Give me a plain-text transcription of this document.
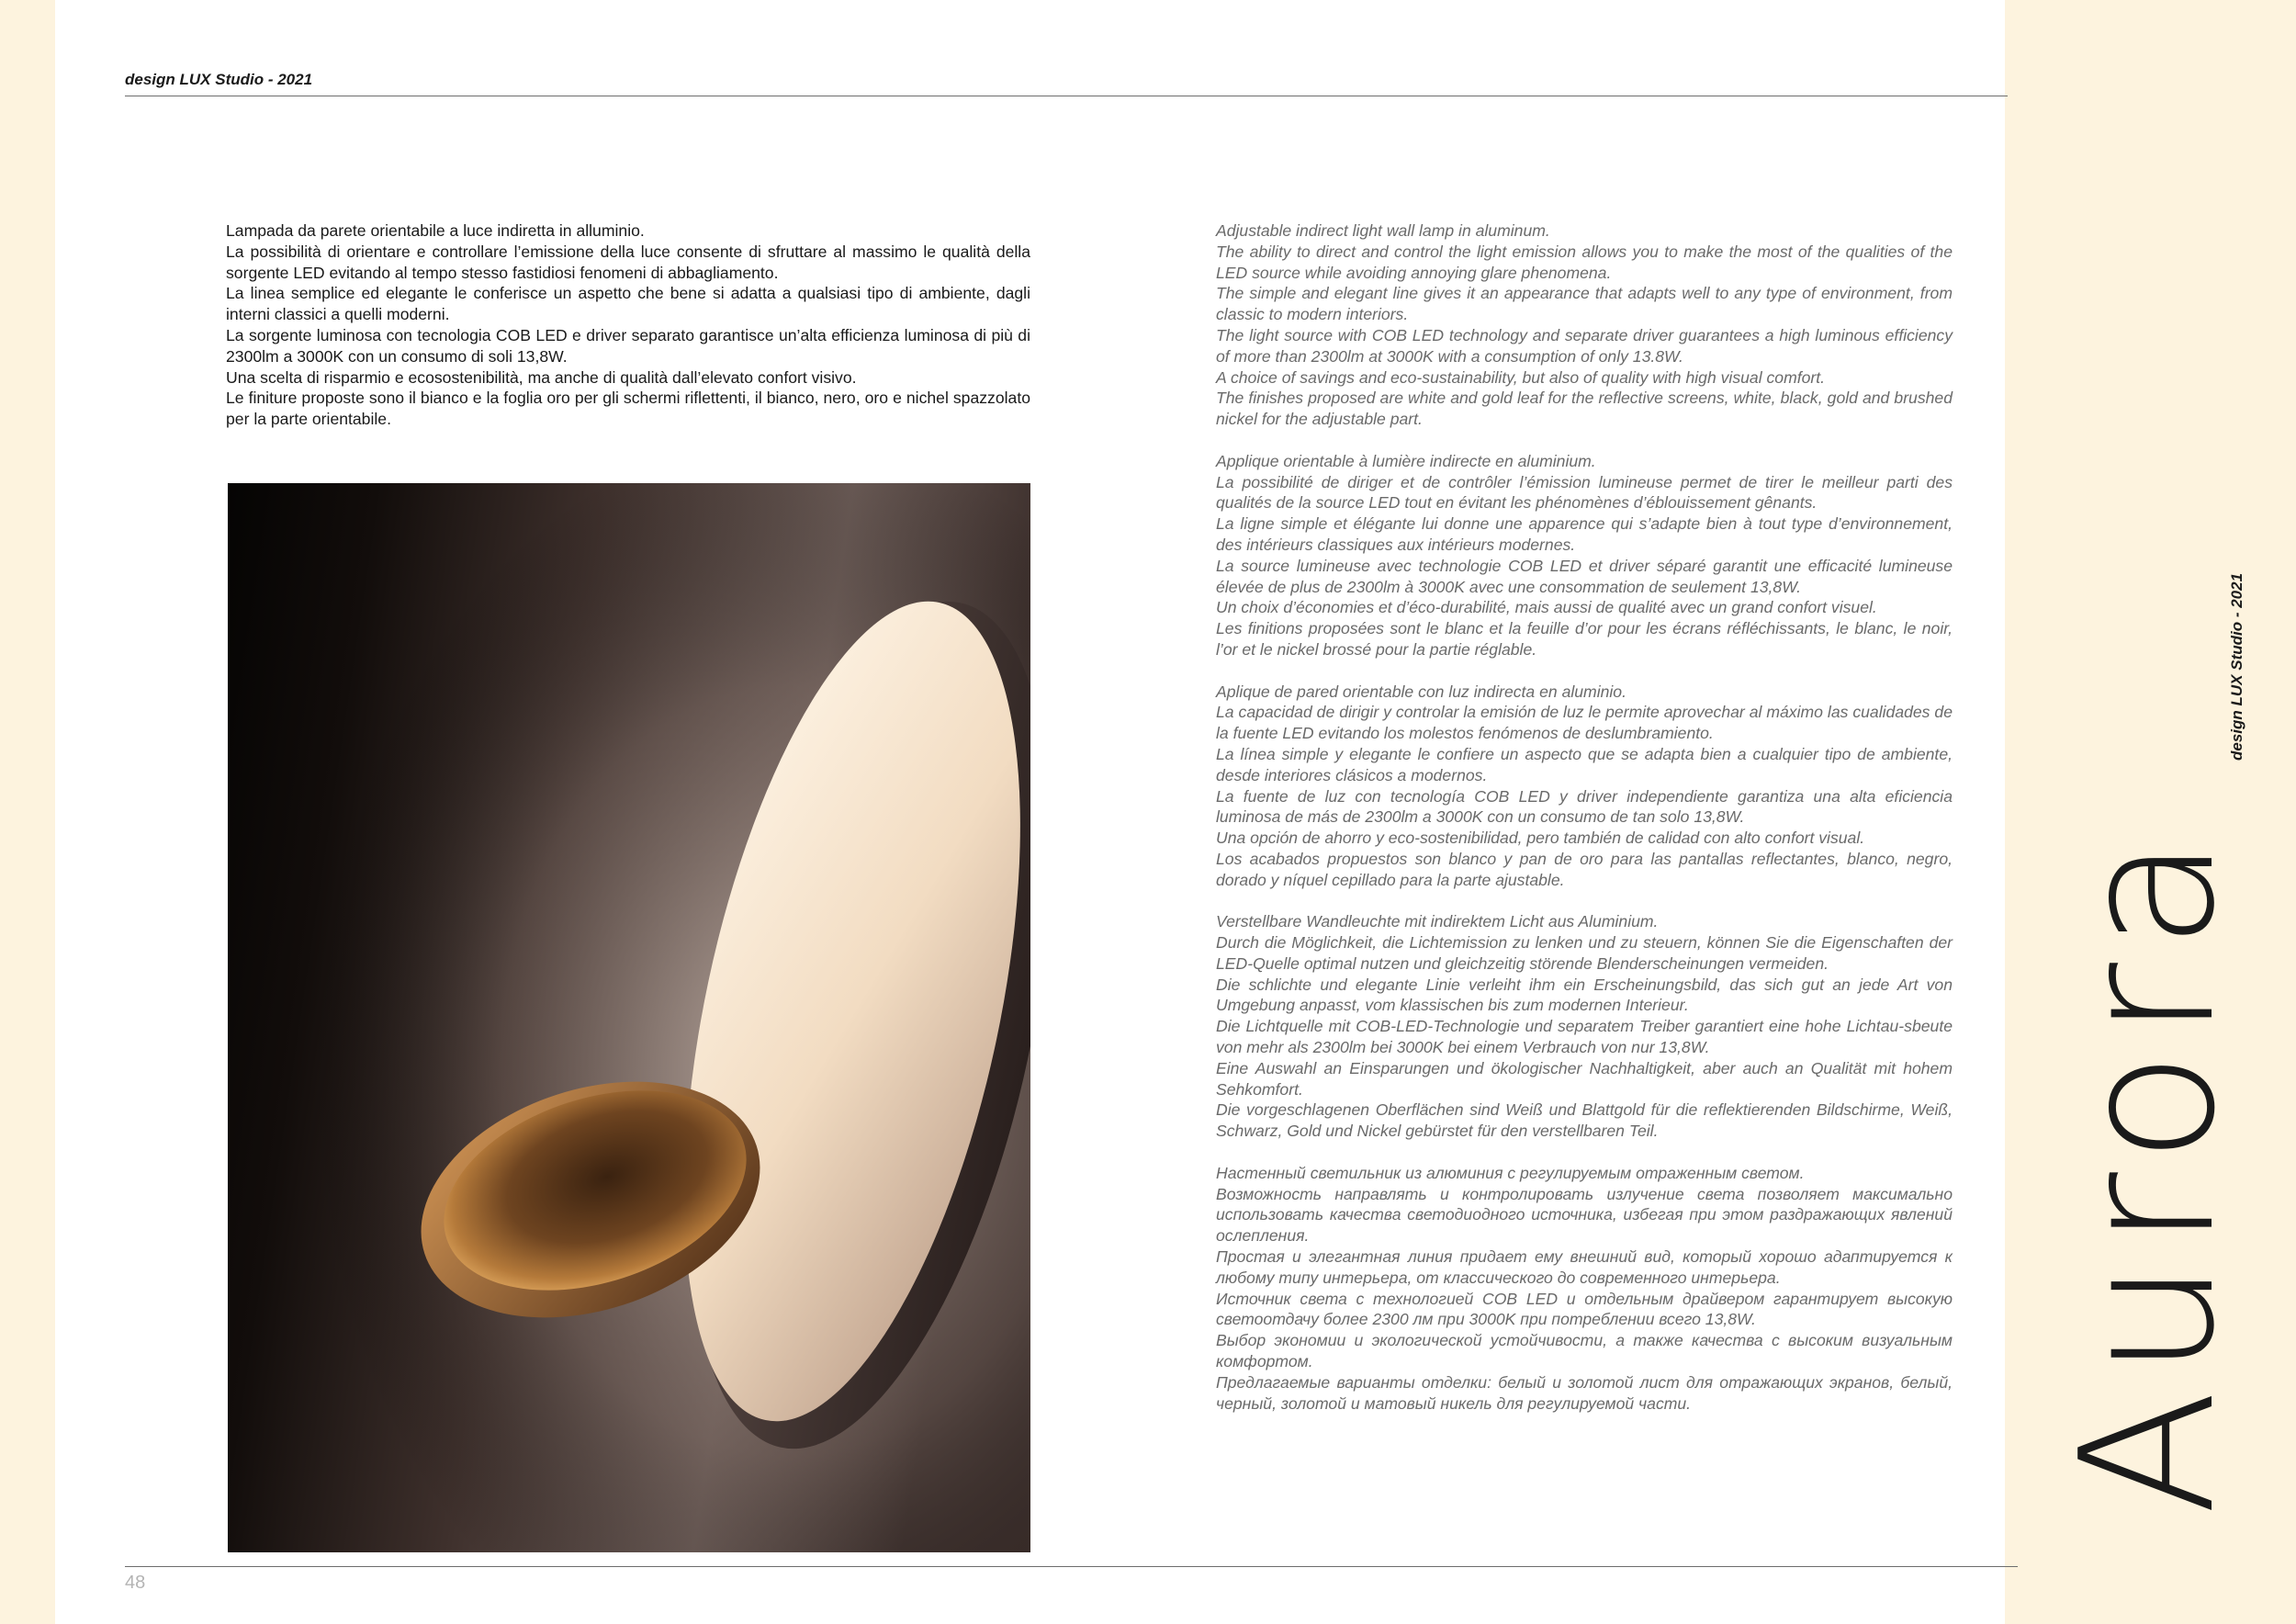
design LUX Studio - 2021

Lampada da parete orientabile a luce indiretta in alluminio.

La possibilità di orientare e controllare l’emissione della luce consente di sfruttare al massimo le qualità della sorgente LED evitando al tempo stesso fastidiosi fenomeni di abbagliamento.

La linea semplice ed elegante le conferisce un aspetto che bene si adatta a qualsiasi tipo di ambiente, dagli interni classici a quelli moderni.

La sorgente luminosa con tecnologia COB LED e driver separato garantisce un’alta efficienza luminosa di più di 2300lm a 3000K con un consumo di soli 13,8W.

Una scelta di risparmio e ecosostenibilità, ma anche di qualità dall’elevato confort visivo.

Le finiture proposte sono il bianco e la foglia oro per gli schermi riflettenti, il bianco, nero, oro e nichel spazzolato per la parte orientabile.

48

Adjustable indirect light wall lamp in aluminum.

The ability to direct and control the light emission allows you to make the most of the qualities of the LED source while avoiding annoying glare phenomena.

The simple and elegant line gives it an appearance that adapts well to any type of environment, from classic to modern interiors.

The light source with COB LED technology and separate driver guarantees a high luminous efficiency of more than 2300lm at 3000K with a consumption of only 13.8W.

A choice of savings and eco-sustainability, but also of quality with high visual comfort.

The finishes proposed are white and gold leaf for the reflective screens, white, black, gold and brushed nickel for the adjustable part.

Applique orientable à lumière indirecte en aluminium.

La possibilité de diriger et de contrôler l’émission lumineuse permet de tirer le meilleur parti des qualités de la source LED tout en évitant les phénomènes d’éblouissement gênants.

La ligne simple et élégante lui donne une apparence qui s’adapte bien à tout type d’environnement, des intérieurs classiques aux intérieurs modernes.

La source lumineuse avec technologie COB LED et driver séparé garantit une efficacité lumineuse élevée de plus de 2300lm à 3000K avec une consommation de seulement 13,8W.

Un choix d’économies et d’éco-durabilité, mais aussi de qualité avec un grand confort visuel.

Les finitions proposées sont le blanc et la feuille d’or pour les écrans réfléchissants, le blanc, le noir, l’or et le nickel brossé pour la partie réglable.

Aplique de pared orientable con luz indirecta en aluminio.

La capacidad de dirigir y controlar la emisión de luz le permite aprovechar al máximo las cualidades de la fuente LED evitando los molestos fenómenos de deslumbramiento.

La línea simple y elegante le confiere un aspecto que se adapta bien a cualquier tipo de ambiente, desde interiores clásicos a modernos.

La fuente de luz con tecnología COB LED y driver independiente garantiza una alta eficiencia luminosa de más de 2300lm a 3000K con un consumo de tan solo 13,8W.

Una opción de ahorro y eco-sostenibilidad, pero también de calidad con alto confort visual.

Los acabados propuestos son blanco y pan de oro para las pantallas reflectantes, blanco, negro, dorado y níquel cepillado para la parte ajustable.

Verstellbare Wandleuchte mit indirektem Licht aus Aluminium.

Durch die Möglichkeit, die Lichtemission zu lenken und zu steuern, können Sie die Eigenschaften der LED-Quelle optimal nutzen und gleichzeitig störende Blenderscheinungen vermeiden.

Die schlichte und elegante Linie verleiht ihm ein Erscheinungsbild, das sich gut an jede Art von Umgebung anpasst, vom klassischen bis zum modernen Interieur.

Die Lichtquelle mit COB-LED-Technologie und separatem Treiber garantiert eine hohe Lichtau-sbeute von mehr als 2300lm bei 3000K bei einem Verbrauch von nur 13,8W.

Eine Auswahl an Einsparungen und ökologischer Nachhaltigkeit, aber auch an Qualität mit hohem Sehkomfort.

Die vorgeschlagenen Oberflächen sind Weiß und Blattgold für die reflektierenden Bildschirme, Weiß, Schwarz, Gold und Nickel gebürstet für den verstellbaren Teil.

Настенный светильник из алюминия с регулируемым отраженным светом.

Возможность направлять и контролировать излучение света позволяет максимально использовать качества светодиодного источника, избегая при этом раздражающих явлений ослепления.

Простая и элегантная линия придает ему внешний вид, который хорошо адаптируется к любому типу интерьера, от классического до современного интерьера.

Источник света с технологией COB LED и отдельным драйвером гарантирует высокую светоотдачу более 2300 лм при 3000K при потреблении всего 13,8W.

Выбор экономии и экологической устойчивости, а также качества с высоким визуальным комфортом.

Предлагаемые варианты отделки: белый и золотой лист для отражающих экранов, белый, черный, золотой и матовый никель для регулируемой части.	Aurora
design LUX Studio - 2021
